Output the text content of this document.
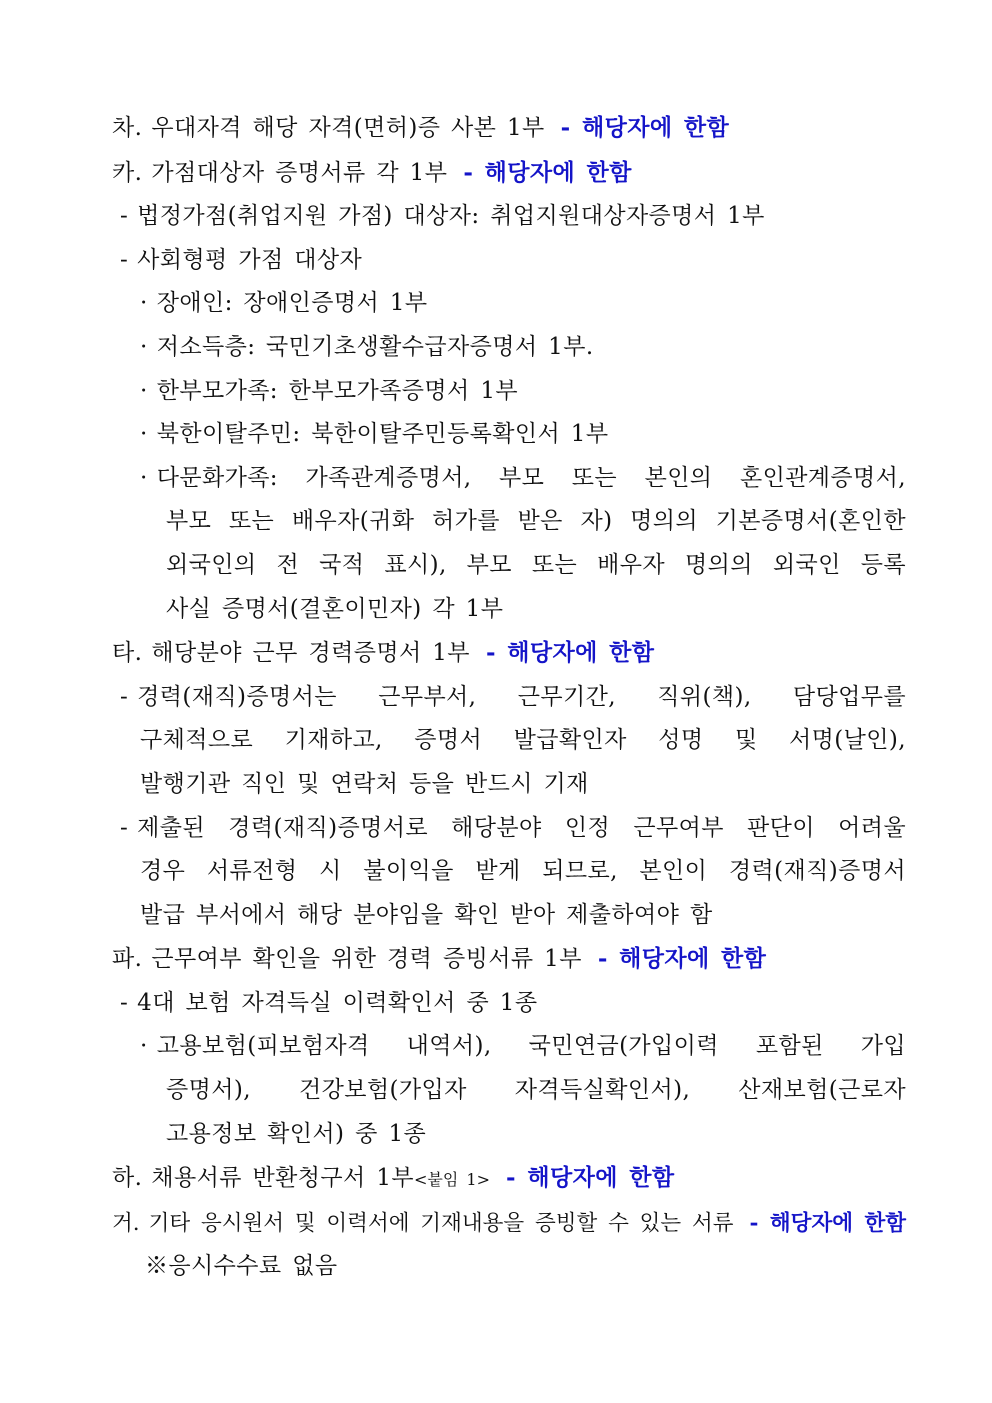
차. 우대자격 해당 자격(면허)증 사본 1부 - 해당자에 한함
카. 가점대상자 증명서류 각 1부 - 해당자에 한함
- 법정가점(취업지원 가점) 대상자: 취업지원대상자증명서 1부
- 사회형평 가점 대상자
· 장애인: 장애인증명서 1부
· 저소득층: 국민기초생활수급자증명서 1부.
· 한부모가족: 한부모가족증명서 1부
· 북한이탈주민: 북한이탈주민등록확인서 1부
· 다문화가족: 가족관계증명서, 부모 또는 본인의 혼인관계증명서,
부모 또는 배우자(귀화 허가를 받은 자) 명의의 기본증명서(혼인한
외국인의 전 국적 표시), 부모 또는 배우자 명의의 외국인 등록
사실 증명서(결혼이민자) 각 1부
타. 해당분야 근무 경력증명서 1부 - 해당자에 한함
- 경력(재직)증명서는 근무부서, 근무기간, 직위(책), 담당업무를
구체적으로 기재하고, 증명서 발급확인자 성명 및 서명(날인),
발행기관 직인 및 연락처 등을 반드시 기재
- 제출된 경력(재직)증명서로 해당분야 인정 근무여부 판단이 어려울
경우 서류전형 시 불이익을 받게 되므로, 본인이 경력(재직)증명서
발급 부서에서 해당 분야임을 확인 받아 제출하여야 함
파. 근무여부 확인을 위한 경력 증빙서류 1부 - 해당자에 한함
- 4대 보험 자격득실 이력확인서 중 1종
· 고용보험(피보험자격 내역서), 국민연금(가입이력 포함된 가입
증명서), 건강보험(가입자 자격득실확인서), 산재보험(근로자
고용정보 확인서) 중 1종
하. 채용서류 반환청구서 1부<붙임 1> - 해당자에 한함
거. 기타 응시원서 및 이력서에 기재내용을 증빙할 수 있는 서류 - 해당자에 한함
※응시수수료 없음
